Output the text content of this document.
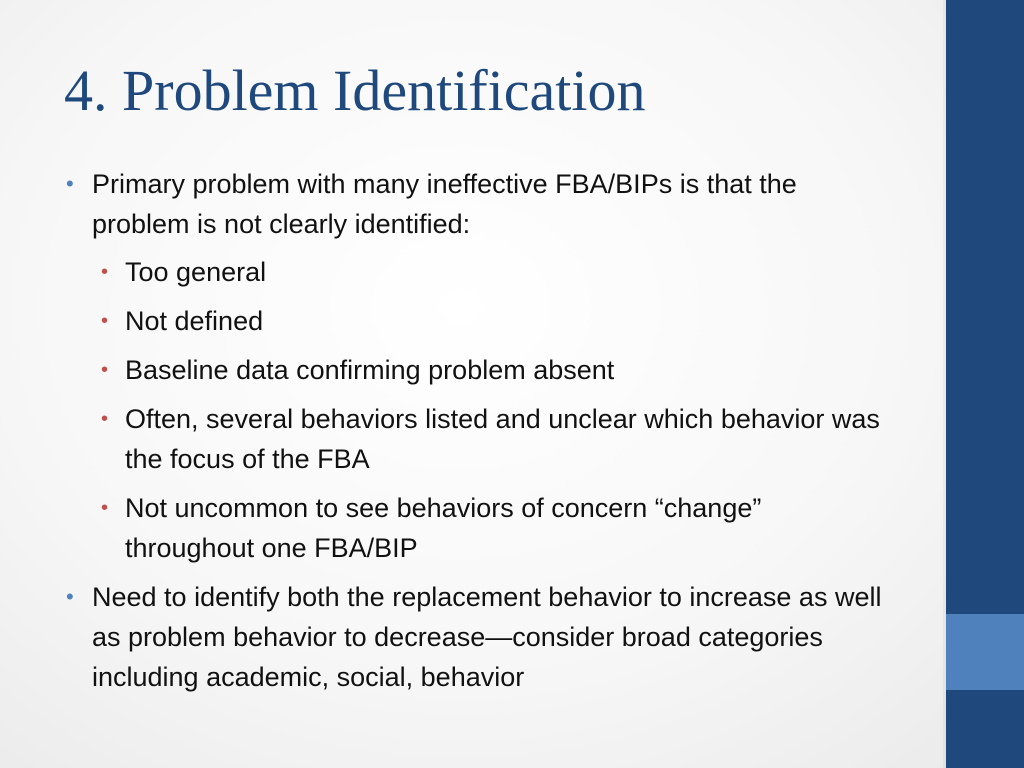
4. Problem Identification
• Primary problem with many ineffective FBA/BIPs is that the problem is not clearly identified:
• Too general
• Not defined
• Baseline data confirming problem absent
• Often, several behaviors listed and unclear which behavior was the focus of the FBA
• Not uncommon to see behaviors of concern “change” throughout one FBA/BIP
• Need to identify both the replacement behavior to increase as well as problem behavior to decrease—consider broad categories including academic, social, behavior
